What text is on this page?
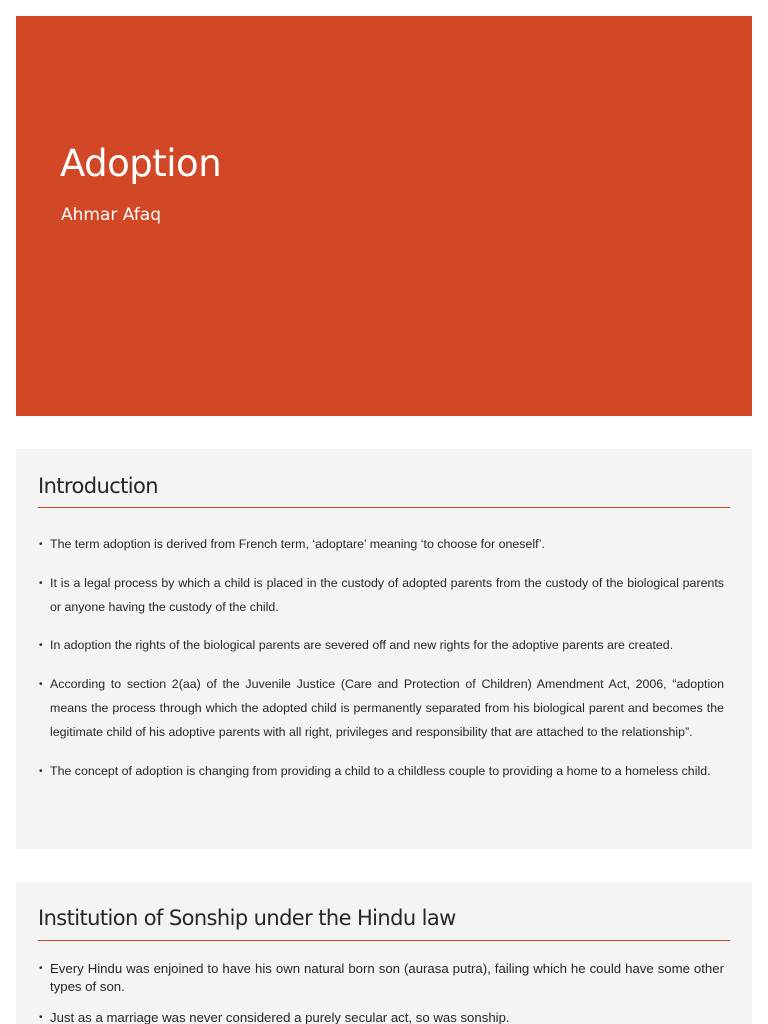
Adoption

Ahmar Afaq

Introduction
• The term adoption is derived from French term, ‘adoptare’ meaning ‘to choose for oneself’.
• It is a legal process by which a child is placed in the custody of adopted parents from the custody of the biological parents or anyone having the custody of the child.
• In adoption the rights of the biological parents are severed off and new rights for the adoptive parents are created.
• According to section 2(aa) of the Juvenile Justice (Care and Protection of Children) Amendment Act, 2006, “adoption means the process through which the adopted child is permanently separated from his biological parent and becomes the legitimate child of his adoptive parents with all right, privileges and responsibility that are attached to the relationship”.
• The concept of adoption is changing from providing a child to a childless couple to providing a home to a homeless child.
Institution of Sonship under the Hindu law
• Every Hindu was enjoined to have his own natural born son (aurasa putra), failing which he could have some other types of son.
• Just as a marriage was never considered a purely secular act, so was sonship.
